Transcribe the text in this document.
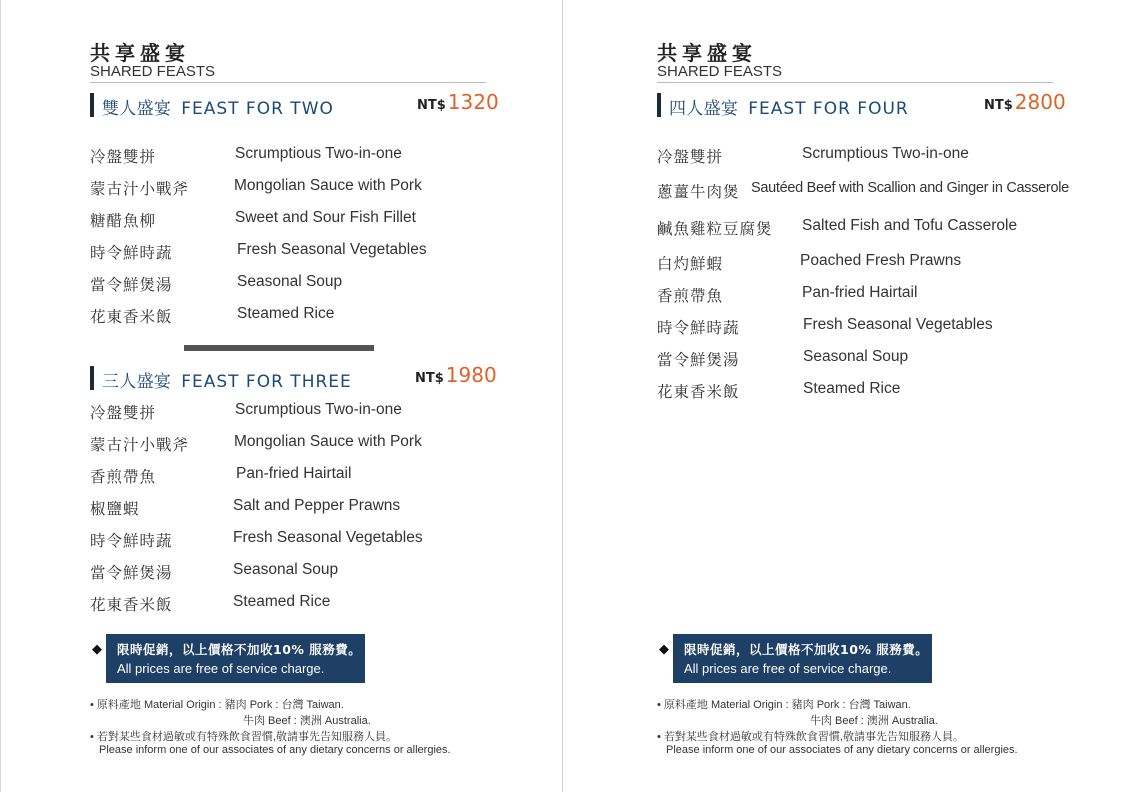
共享盛宴
SHARED FEASTS
雙人盛宴 FEAST FOR TWO	NT$ 1320
冷盤雙拼	Scrumptious Two-in-one
蒙古汁小戰斧	Mongolian Sauce with Pork
糖醋魚柳	Sweet and Sour Fish Fillet
時令鮮時蔬	Fresh Seasonal Vegetables
當令鮮煲湯	Seasonal Soup
花東香米飯	Steamed Rice
三人盛宴 FEAST FOR THREE	NT$ 1980
冷盤雙拼	Scrumptious Two-in-one
蒙古汁小戰斧	Mongolian Sauce with Pork
香煎帶魚	Pan-fried Hairtail
椒鹽蝦	Salt and Pepper Prawns
時令鮮時蔬	Fresh Seasonal Vegetables
當令鮮煲湯	Seasonal Soup
花東香米飯	Steamed Rice
◆ 限時促銷，以上價格不加收10% 服務費。
All prices are free of service charge.
• 原料產地 Material Origin : 豬肉 Pork : 台灣 Taiwan.
牛肉 Beef : 澳洲 Australia.
• 若對某些食材過敏或有特殊飲食習慣,敬請事先告知服務人員。
Please inform one of our associates of any dietary concerns or allergies.
共享盛宴
SHARED FEASTS
四人盛宴 FEAST FOR FOUR	NT$ 2800
冷盤雙拼	Scrumptious Two-in-one
蔥薑牛肉煲 Sautéed Beef with Scallion and Ginger in Casserole
鹹魚雞粒豆腐煲 Salted Fish and Tofu Casserole
白灼鮮蝦	Poached Fresh Prawns
香煎帶魚	Pan-fried Hairtail
時令鮮時蔬	Fresh Seasonal Vegetables
當令鮮煲湯	Seasonal Soup
花東香米飯	Steamed Rice
◆ 限時促銷，以上價格不加收10% 服務費。
All prices are free of service charge.
• 原料產地 Material Origin : 豬肉 Pork : 台灣 Taiwan.
牛肉 Beef : 澳洲 Australia.
• 若對某些食材過敏或有特殊飲食習慣,敬請事先告知服務人員。
Please inform one of our associates of any dietary concerns or allergies.
